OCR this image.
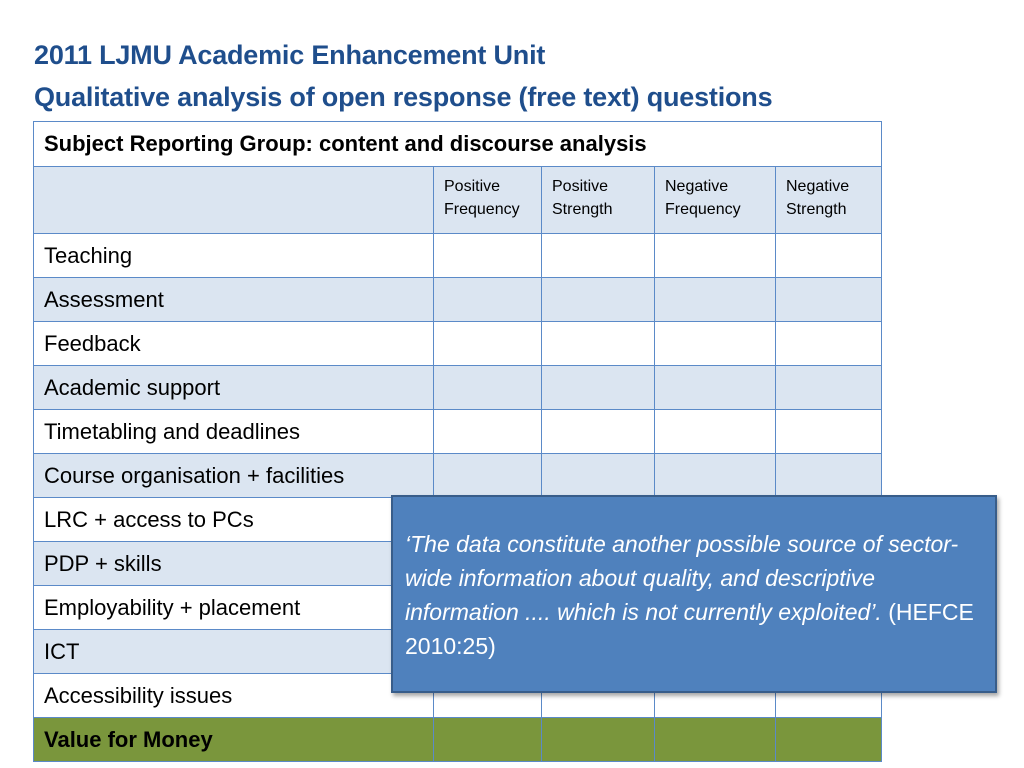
2011 LJMU Academic Enhancement Unit
Qualitative analysis of open response (free text) questions
Subject Reporting Group: content and discourse analysis				
	Positive Frequency	Positive Strength	Negative Frequency	Negative Strength
Teaching				
Assessment				
Feedback				
Academic support				
Timetabling and deadlines				
Course organisation + facilities				
LRC + access to PCs				
PDP + skills				
Employability + placement				
ICT				
Accessibility issues				
Value for Money				
‘The data constitute another possible source of sector-wide information about quality, and descriptive information .... which is not currently exploited’. (HEFCE 2010:25)
